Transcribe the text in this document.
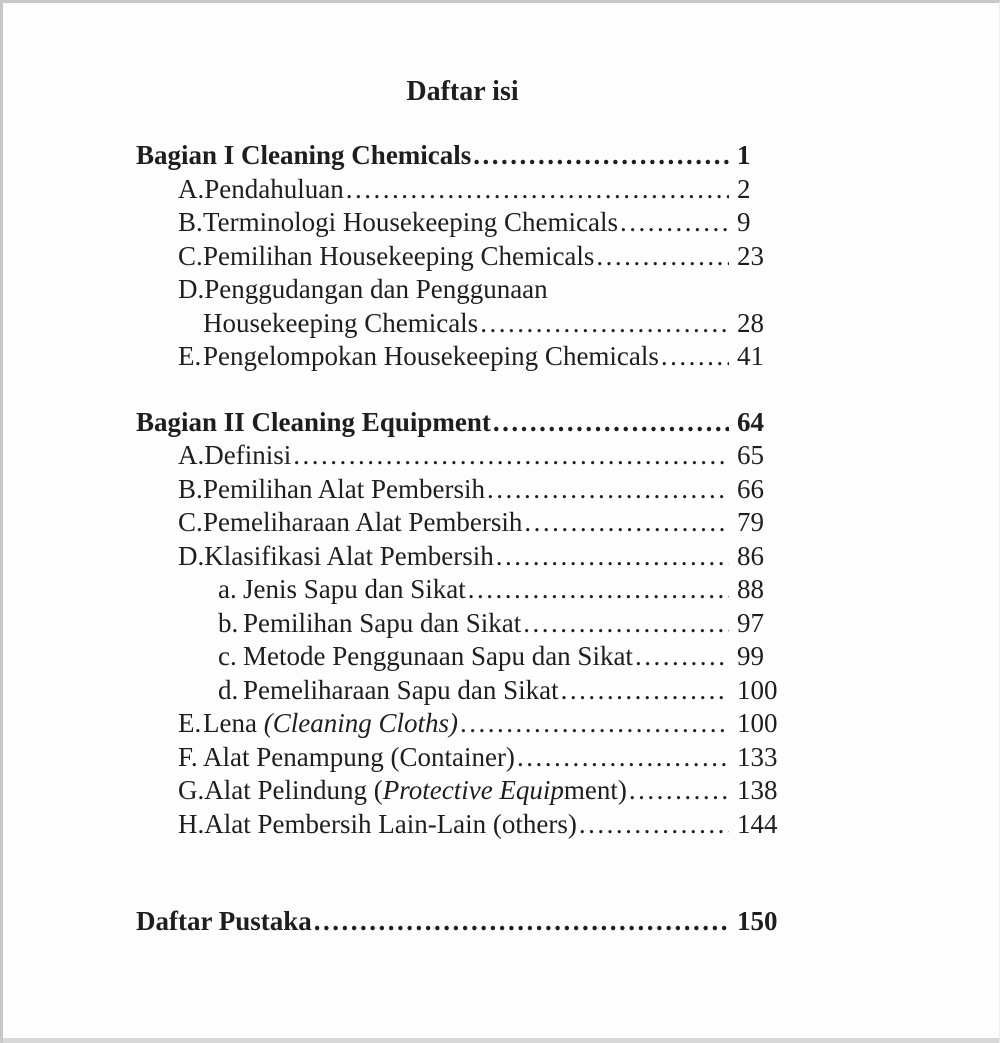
Daftar isi
Bagian I Cleaning Chemicals .....	1
A. Pendahuluan .....	2
B. Terminologi Housekeeping Chemicals .....	9
C. Pemilihan Housekeeping Chemicals .....	23
D. Penggudangan dan Penggunaan
Housekeeping Chemicals .....	28
E. Pengelompokan Housekeeping Chemicals .....	41
Bagian II Cleaning Equipment .....	64
A. Definisi .....	65
B. Pemilihan Alat Pembersih .....	66
C. Pemeliharaan Alat Pembersih .....	79
D. Klasifikasi Alat Pembersih .....	86
a. Jenis Sapu dan Sikat .....	88
b. Pemilihan Sapu dan Sikat .....	97
c. Metode Penggunaan Sapu dan Sikat .....	99
d. Pemeliharaan Sapu dan Sikat .....	100
E. Lena (Cleaning Cloths) .....	100
F. Alat Penampung (Container) .....	133
G. Alat Pelindung (Protective Equipment) .....	138
H. Alat Pembersih Lain-Lain (others) .....	144
Daftar Pustaka .....	150
